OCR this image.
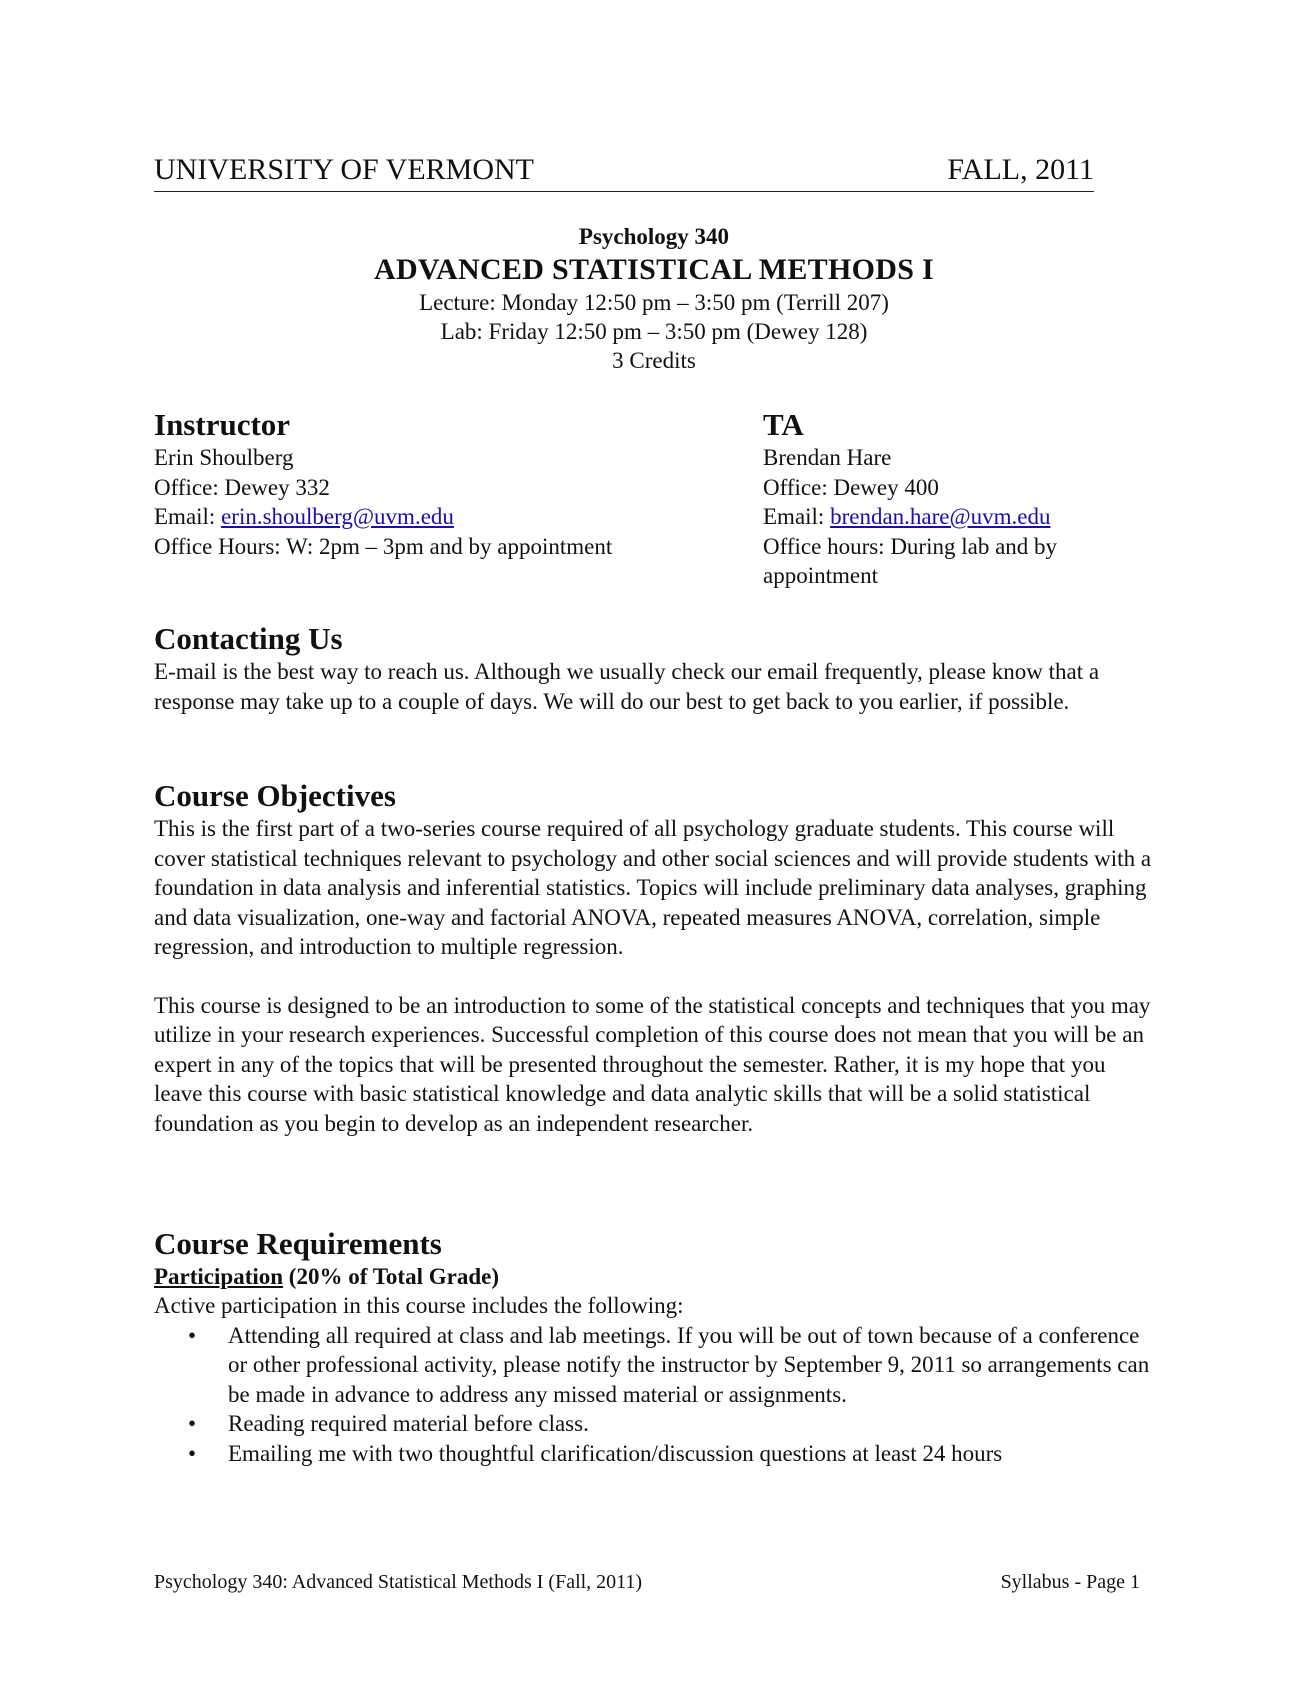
UNIVERSITY OF VERMONT	FALL, 2011
Psychology 340
ADVANCED STATISTICAL METHODS I
Lecture: Monday 12:50 pm – 3:50 pm (Terrill 207)
Lab: Friday 12:50 pm – 3:50 pm (Dewey 128)
3 Credits
Instructor
Erin Shoulberg
Office: Dewey 332
Email: erin.shoulberg@uvm.edu
Office Hours: W: 2pm – 3pm and by appointment
TA
Brendan Hare
Office: Dewey 400
Email: brendan.hare@uvm.edu
Office hours: During lab and by appointment
Contacting Us

E-mail is the best way to reach us. Although we usually check our email frequently, please know that a response may take up to a couple of days. We will do our best to get back to you earlier, if possible.

Course Objectives

This is the first part of a two-series course required of all psychology graduate students. This course will cover statistical techniques relevant to psychology and other social sciences and will provide students with a foundation in data analysis and inferential statistics. Topics will include preliminary data analyses, graphing and data visualization, one-way and factorial ANOVA, repeated measures ANOVA, correlation, simple regression, and introduction to multiple regression.

This course is designed to be an introduction to some of the statistical concepts and techniques that you may utilize in your research experiences. Successful completion of this course does not mean that you will be an expert in any of the topics that will be presented throughout the semester. Rather, it is my hope that you leave this course with basic statistical knowledge and data analytic skills that will be a solid statistical foundation as you begin to develop as an independent researcher.

Course Requirements
Participation (20% of Total Grade)

Active participation in this course includes the following:

• Attending all required at class and lab meetings. If you will be out of town because of a conference or other professional activity, please notify the instructor by September 9, 2011 so arrangements can be made in advance to address any missed material or assignments.
• Reading required material before class.
• Emailing me with two thoughtful clarification/discussion questions at least 24 hours
Psychology 340: Advanced Statistical Methods I (Fall, 2011)	Syllabus - Page 1
